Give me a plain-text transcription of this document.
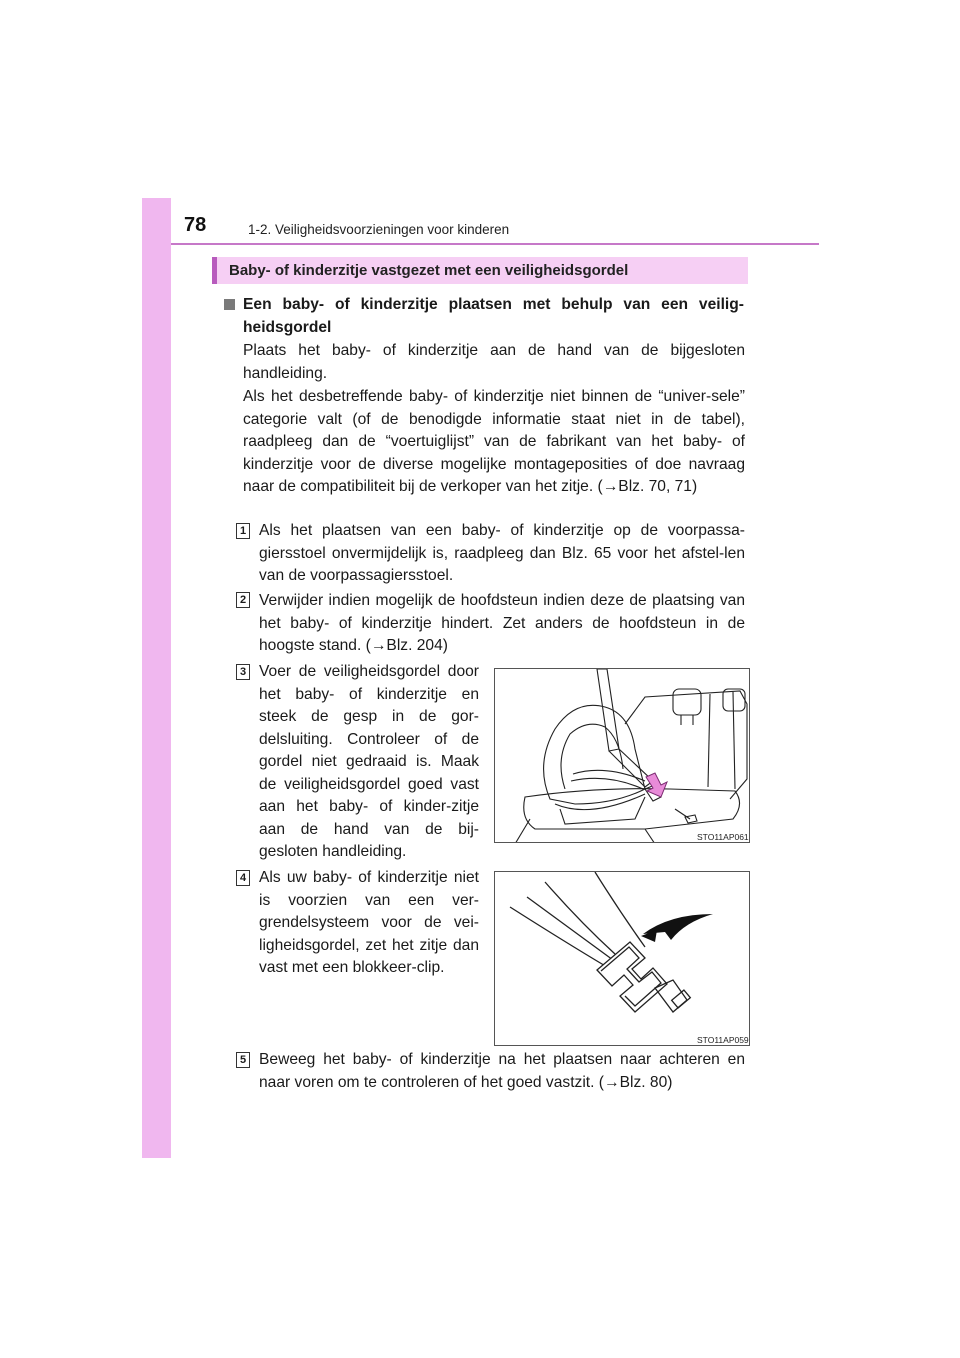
78	1-2. Veiligheidsvoorzieningen voor kinderen
Baby- of kinderzitje vastgezet met een veiligheidsgordel
Een baby- of kinderzitje plaatsen met behulp van een veilig-heidsgordel
Plaats het baby- of kinderzitje aan de hand van de bijgesloten handleiding.
Als het desbetreffende baby- of kinderzitje niet binnen de “univer-sele” categorie valt (of de benodigde informatie staat niet in de tabel), raadpleeg dan de “voertuiglijst” van de fabrikant van het baby- of kinderzitje voor de diverse mogelijke montageposities of doe navraag naar de compatibiliteit bij de verkoper van het zitje. (→Blz. 70, 71)
1 Als het plaatsen van een baby- of kinderzitje op de voorpassa-giersstoel onvermijdelijk is, raadpleeg dan Blz. 65 voor het afstel-len van de voorpassagiersstoel.
2 Verwijder indien mogelijk de hoofdsteun indien deze de plaatsing van het baby- of kinderzitje hindert. Zet anders de hoofdsteun in de hoogste stand. (→Blz. 204)
3 Voer de veiligheidsgordel door het baby- of kinderzitje en steek de gesp in de gor-delsluiting. Controleer of de gordel niet gedraaid is. Maak de veiligheidsgordel goed vast aan het baby- of kinder-zitje aan de hand van de bij-gesloten handleiding.
STO11AP061
4 Als uw baby- of kinderzitje niet is voorzien van een ver-grendelsysteem voor de vei-ligheidsgordel, zet het zitje dan vast met een blokkeer-clip.
STO11AP059
5 Beweeg het baby- of kinderzitje na het plaatsen naar achteren en naar voren om te controleren of het goed vastzit. (→Blz. 80)
